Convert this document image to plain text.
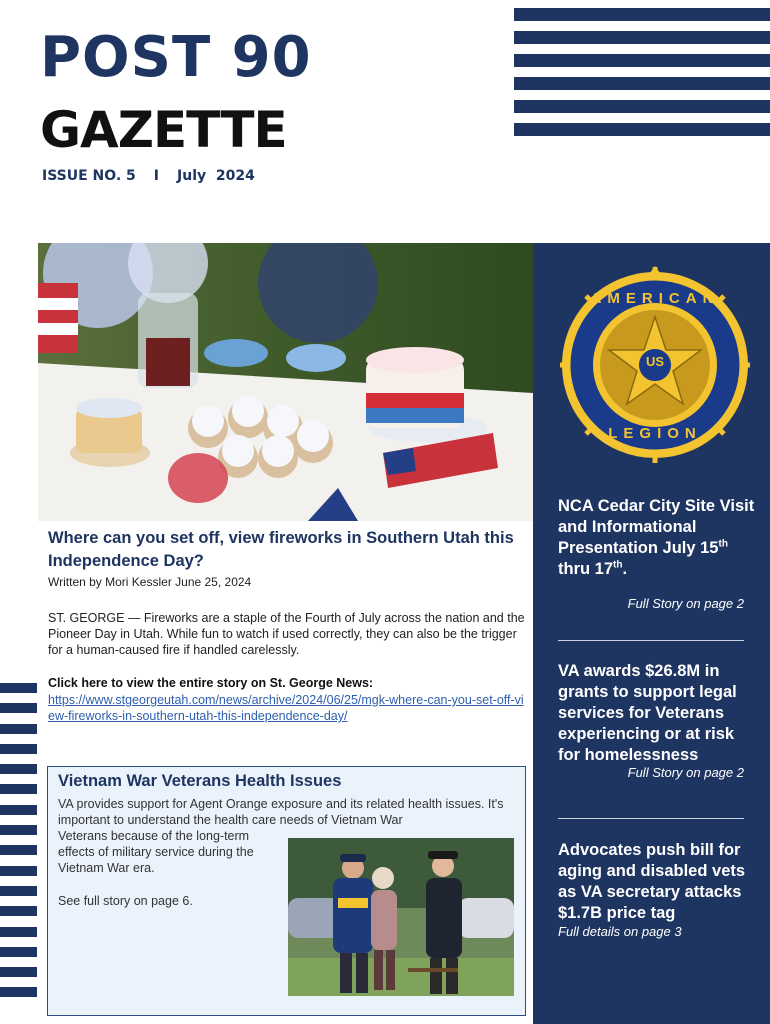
POST 90
GAZETTE
ISSUE NO. 5 I July  2024
US
AMERICAN
LEGION
NCA Cedar City Site Visit and Informational Presentation July 15th thru 17th.
Full Story on page 2
VA awards $26.8M in grants to support legal services for Veterans experiencing or at risk for homelessness
Full Story on page 2
Advocates push bill for aging and disabled vets as VA secretary attacks $1.7B price tag
Full details on page 3
Where can you set off, view fireworks in Southern Utah this Independence Day?
Written by Mori Kessler June 25, 2024
ST. GEORGE — Fireworks are a staple of the Fourth of July across the nation and the Pioneer Day in Utah. While fun to watch if used correctly, they can also be the trigger for a human-caused fire if handled carelessly.
Click here to view the entire story on St. George News:
https://www.stgeorgeutah.com/news/archive/2024/06/25/mgk-where-can-you-set-off-view-fireworks-in-southern-utah-this-independence-day/
Vietnam War Veterans Health Issues
VA provides support for Agent Orange exposure and its related health issues. It's important to understand the health care needs of Vietnam War
Veterans because of the long-term effects of military service during the Vietnam War era.
See full story on page 6.
